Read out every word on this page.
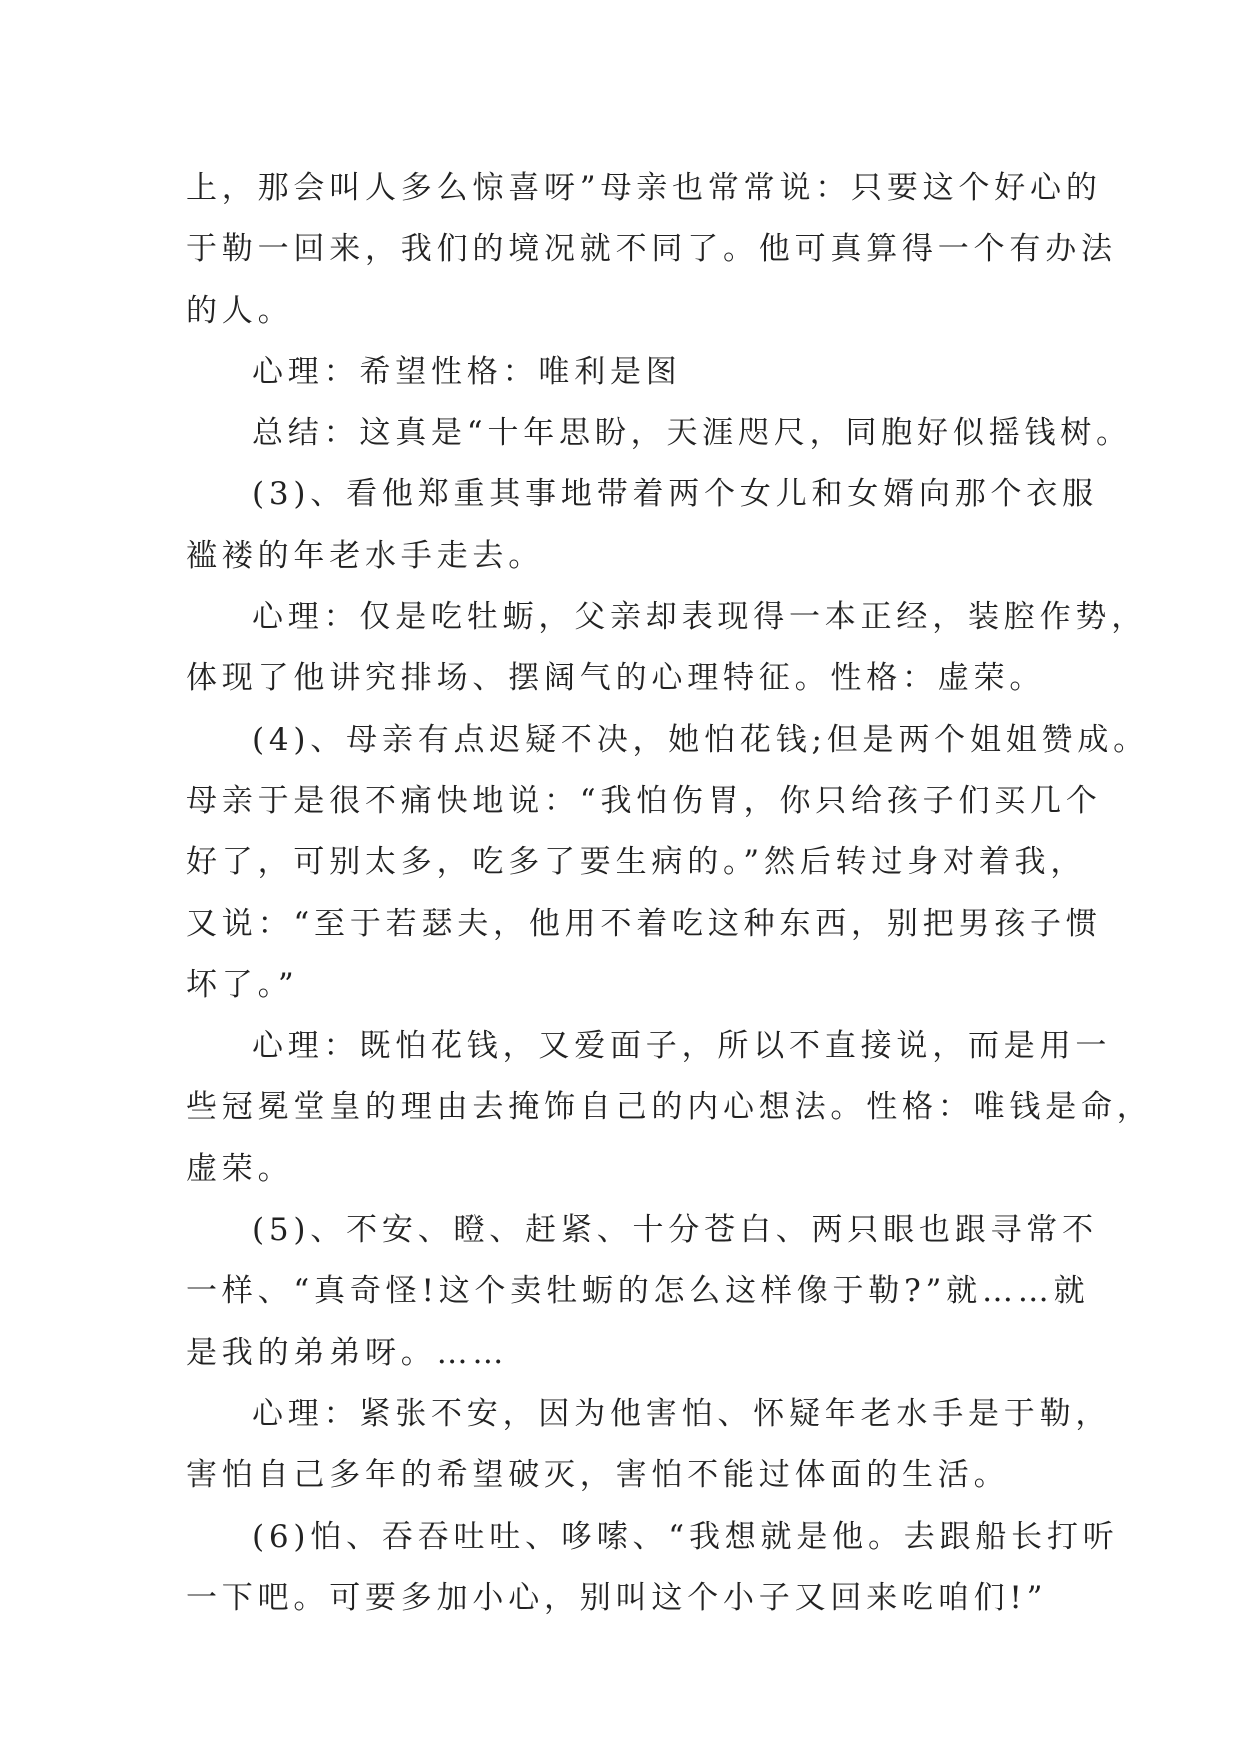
上，那会叫人多么惊喜呀”母亲也常常说：只要这个好心的

于勒一回来，我们的境况就不同了。他可真算得一个有办法

的人。

心理：希望性格：唯利是图

总结：这真是“十年思盼，天涯咫尺，同胞好似摇钱树。

(3)、看他郑重其事地带着两个女儿和女婿向那个衣服

褴褛的年老水手走去。

心理：仅是吃牡蛎，父亲却表现得一本正经，装腔作势，

体现了他讲究排场、摆阔气的心理特征。性格：虚荣。

(4)、母亲有点迟疑不决，她怕花钱;但是两个姐姐赞成。

母亲于是很不痛快地说：“我怕伤胃，你只给孩子们买几个

好了，可别太多，吃多了要生病的。”然后转过身对着我，

又说：“至于若瑟夫，他用不着吃这种东西，别把男孩子惯

坏了。”

心理：既怕花钱，又爱面子，所以不直接说，而是用一

些冠冕堂皇的理由去掩饰自己的内心想法。性格：唯钱是命，

虚荣。

(5)、不安、瞪、赶紧、十分苍白、两只眼也跟寻常不

一样、“真奇怪!这个卖牡蛎的怎么这样像于勒?”就……就

是我的弟弟呀。……

心理：紧张不安，因为他害怕、怀疑年老水手是于勒，

害怕自己多年的希望破灭，害怕不能过体面的生活。

(6)怕、吞吞吐吐、哆嗦、“我想就是他。去跟船长打听

一下吧。可要多加小心，别叫这个小子又回来吃咱们!”
